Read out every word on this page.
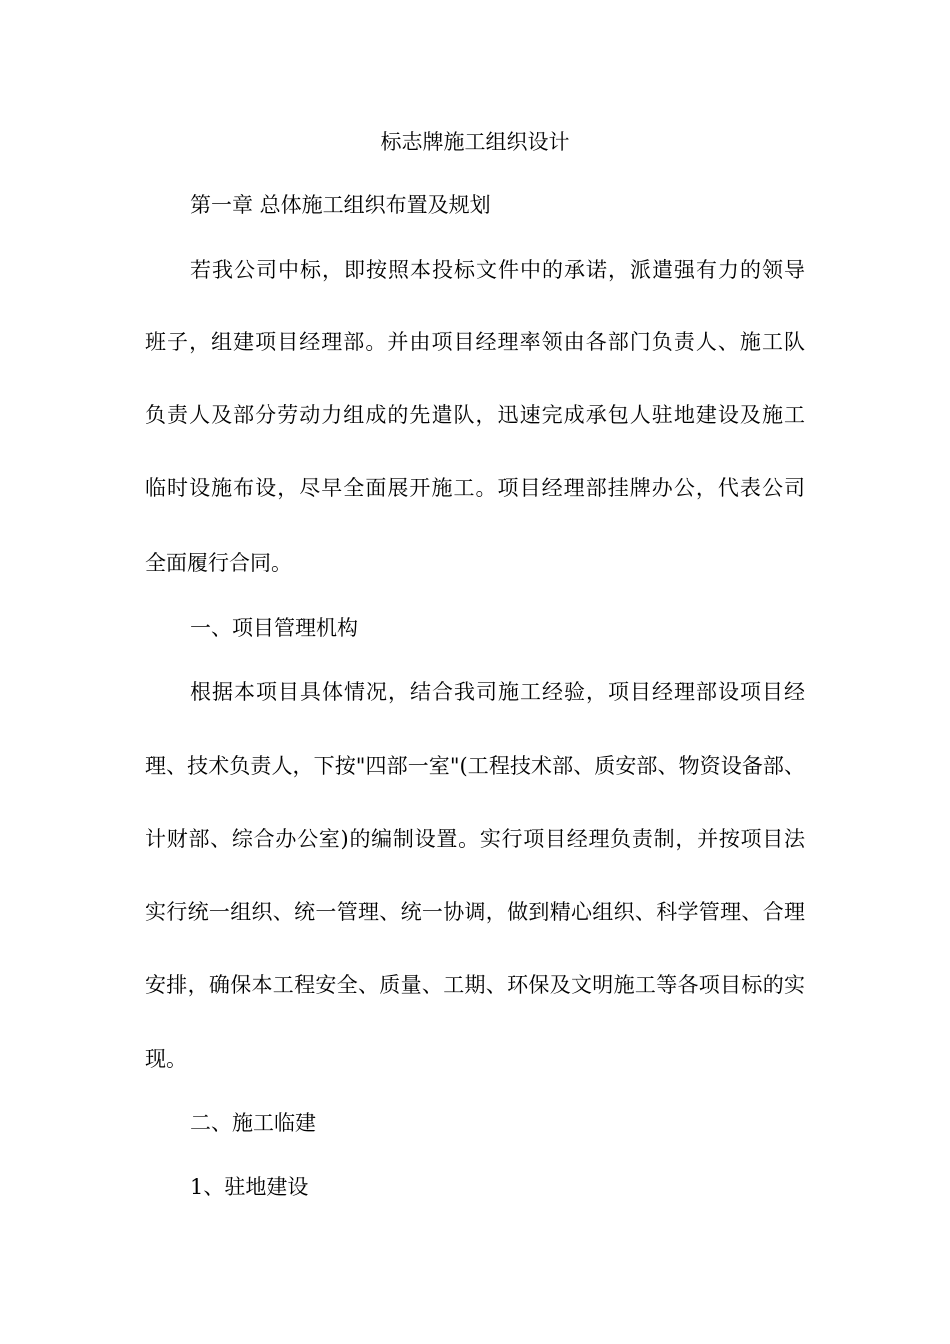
标志牌施工组织设计
第一章 总体施工组织布置及规划
若我公司中标，即按照本投标文件中的承诺，派遣强有力的领导
班子，组建项目经理部。并由项目经理率领由各部门负责人、施工队
负责人及部分劳动力组成的先遣队，迅速完成承包人驻地建设及施工
临时设施布设，尽早全面展开施工。项目经理部挂牌办公，代表公司
全面履行合同。
一、项目管理机构
根据本项目具体情况，结合我司施工经验，项目经理部设项目经
理、技术负责人，下按"四部一室"(工程技术部、质安部、物资设备部、
计财部、综合办公室)的编制设置。实行项目经理负责制，并按项目法
实行统一组织、统一管理、统一协调，做到精心组织、科学管理、合理
安排，确保本工程安全、质量、工期、环保及文明施工等各项目标的实
现。
二、施工临建
1、驻地建设
